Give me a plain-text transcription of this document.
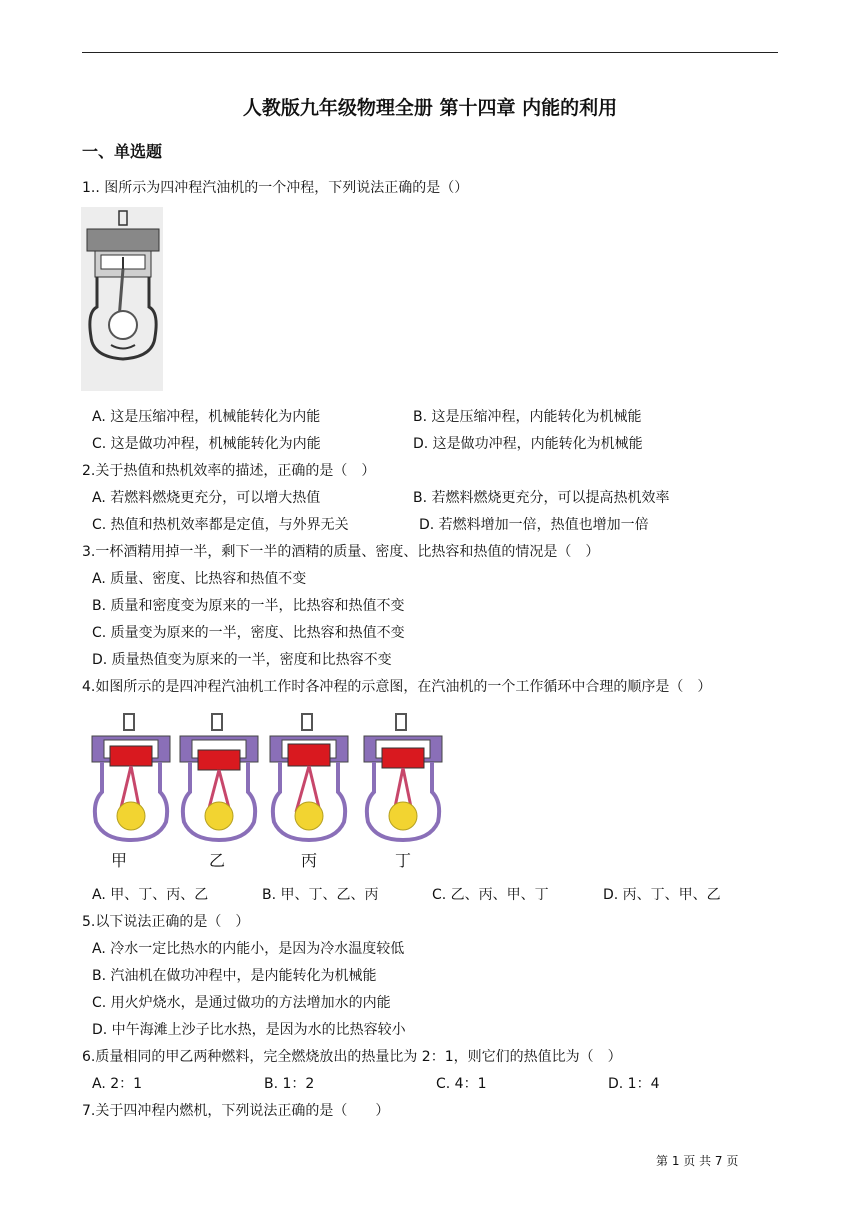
人教版九年级物理全册 第十四章 内能的利用
一、单选题
1.. 图所示为四冲程汽油机的一个冲程，下列说法正确的是（）
A. 这是压缩冲程，机械能转化为内能	B. 这是压缩冲程，内能转化为机械能
C. 这是做功冲程，机械能转化为内能	D. 这是做功冲程，内能转化为机械能
2.关于热值和热机效率的描述，正确的是（　）
A. 若燃料燃烧更充分，可以增大热值	B. 若燃料燃烧更充分，可以提高热机效率
C. 热值和热机效率都是定值，与外界无关	D. 若燃料增加一倍，热值也增加一倍
3.一杯酒精用掉一半，剩下一半的酒精的质量、密度、比热容和热值的情况是（　）
A. 质量、密度、比热容和热值不变
B. 质量和密度变为原来的一半，比热容和热值不变
C. 质量变为原来的一半，密度、比热容和热值不变
D. 质量热值变为原来的一半，密度和比热容不变
4.如图所示的是四冲程汽油机工作时各冲程的示意图，在汽油机的一个工作循环中合理的顺序是（　）
甲	乙	丙	丁
A. 甲、丁、丙、乙	B. 甲、丁、乙、丙	C. 乙、丙、甲、丁	D. 丙、丁、甲、乙
5.以下说法正确的是（　）
A. 冷水一定比热水的内能小，是因为冷水温度较低
B. 汽油机在做功冲程中，是内能转化为机械能
C. 用火炉烧水，是通过做功的方法增加水的内能
D. 中午海滩上沙子比水热，是因为水的比热容较小
6.质量相同的甲乙两种燃料，完全燃烧放出的热量比为 2：1，则它们的热值比为（　）
A. 2：1	B. 1：2	C. 4：1	D. 1：4
7.关于四冲程内燃机，下列说法正确的是（　　）
第 1 页 共 7 页
